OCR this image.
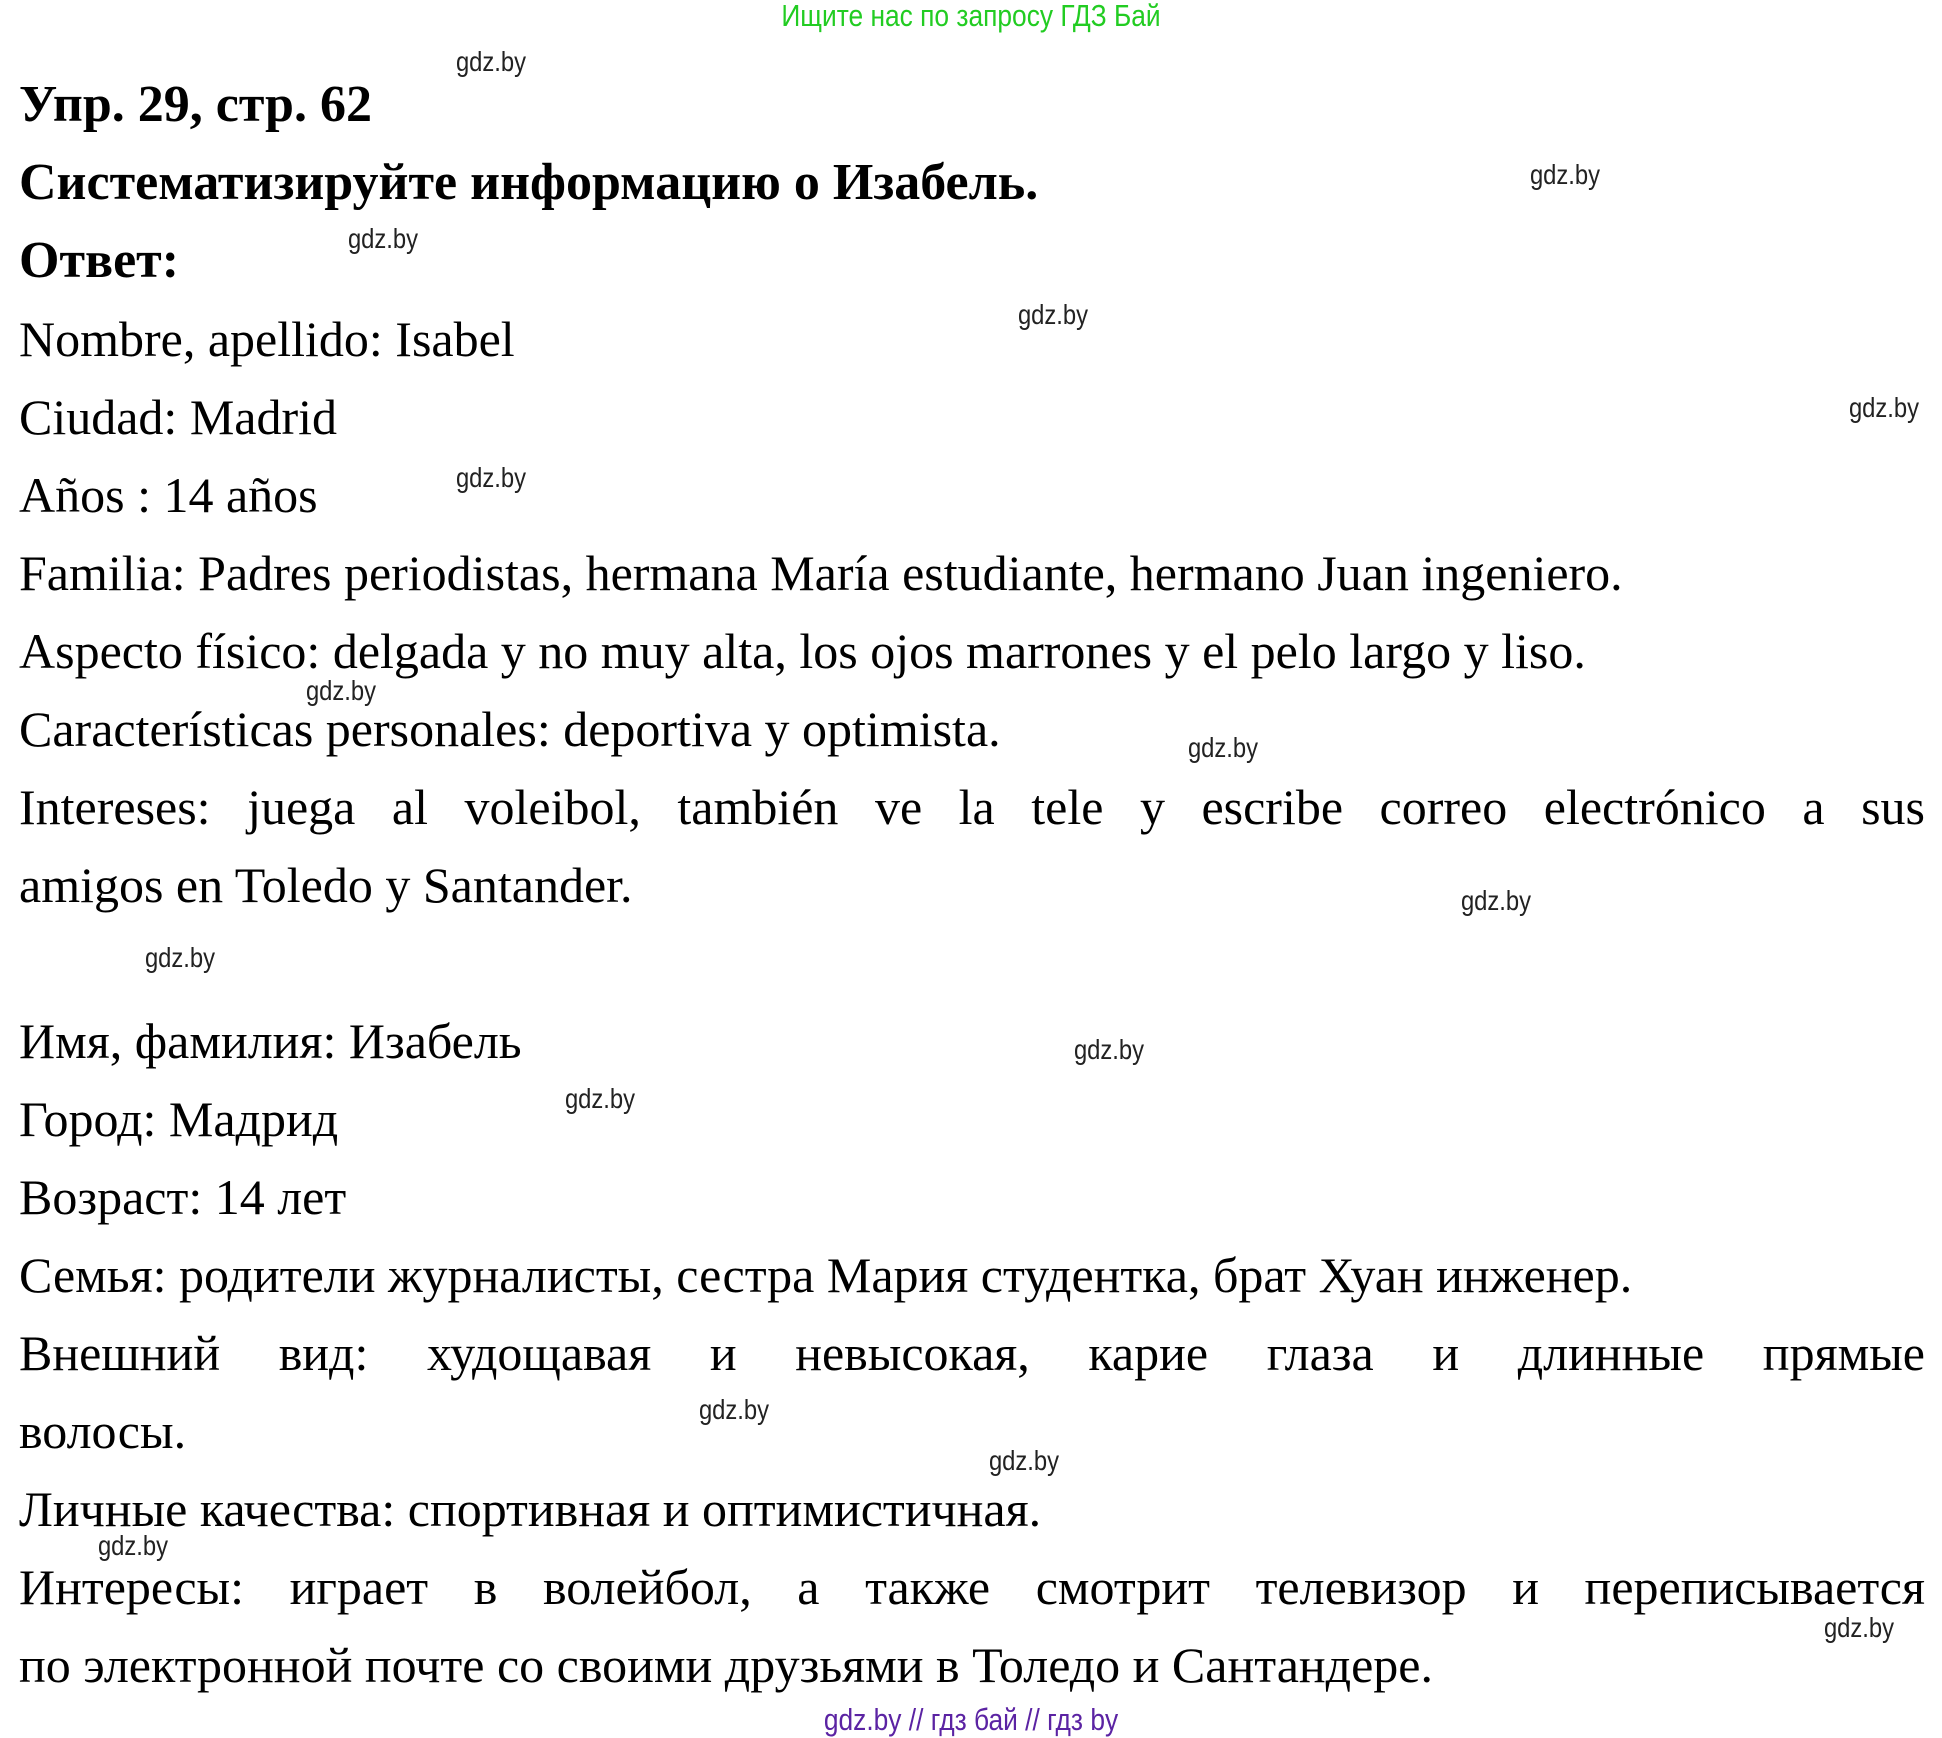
Ищите нас по запросу ГДЗ Бай
Упр. 29, стр. 62
Систематизируйте информацию о Изабель.
Ответ:
Nombre, apellido: Isabel
Ciudad: Madrid
Años : 14 años
Familia: Padres periodistas, hermana María estudiante, hermano Juan ingeniero.
Aspecto físico: delgada y no muy alta, los ojos marrones y el pelo largo y liso.
Características personales: deportiva y optimista.
Intereses: juega al voleibol, también ve la tele y escribe correo electrónico a sus
amigos en Toledo y Santander.
Имя, фамилия: Изабель
Город: Мадрид
Возраст: 14 лет
Семья: родители журналисты, сестра Мария студентка, брат Хуан инженер.
Внешний вид: худощавая и невысокая, карие глаза и длинные прямые
волосы.
Личные качества: спортивная и оптимистичная.
Интересы: играет в волейбол, а также смотрит телевизор и переписывается
по электронной почте со своими друзьями в Толедо и Сантандере.
gdz.by
gdz.by
gdz.by
gdz.by
gdz.by
gdz.by
gdz.by
gdz.by
gdz.by
gdz.by
gdz.by
gdz.by
gdz.by
gdz.by
gdz.by
gdz.by
gdz.by // гдз бай // гдз by
